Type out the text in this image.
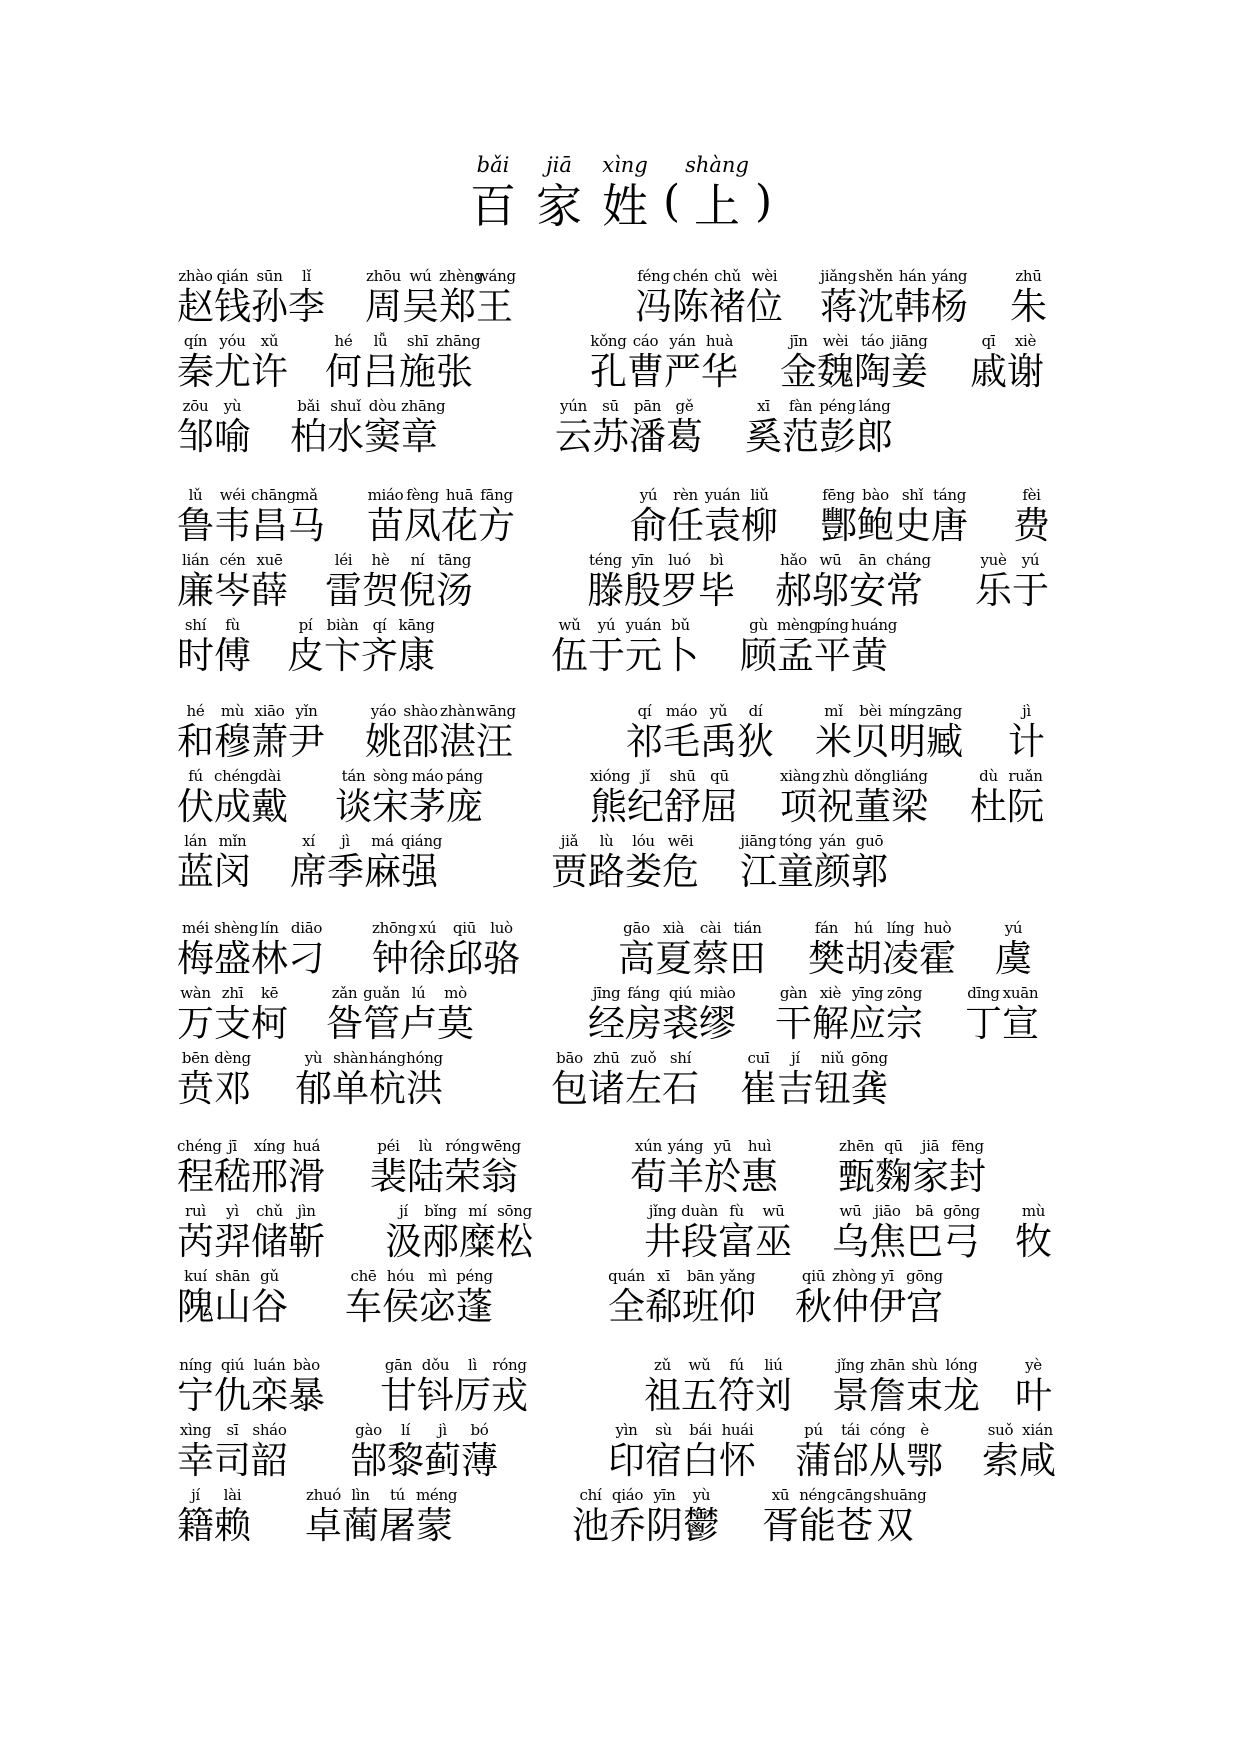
bǎi
百
jiā
家
xìng
姓
shàng
上
( )
zhào
赵
qián
钱
sūn
孙
lǐ
李
zhōu
周
wú
吴
zhèng
郑
wáng
王
féng
冯
chén
陈
chǔ
褚
wèi
位
jiǎng
蒋
shěn
沈
hán
韩
yáng
杨
zhū
朱
qín
秦
yóu
尤
xǔ
许
hé
何
lǚ
吕
shī
施
zhāng
张
kǒng
孔
cáo
曹
yán
严
huà
华
jīn
金
wèi
魏
táo
陶
jiāng
姜
qī
戚
xiè
谢
zōu
邹
yù
喻
bǎi
柏
shuǐ
水
dòu
窦
zhāng
章
yún
云
sū
苏
pān
潘
gě
葛
xī
奚
fàn
范
péng
彭
láng
郎
lǔ
鲁
wéi
韦
chāng
昌
mǎ
马
miáo
苗
fèng
凤
huā
花
fāng
方
yú
俞
rèn
任
yuán
袁
liǔ
柳
fēng
酆
bào
鲍
shǐ
史
táng
唐
fèi
费
lián
廉
cén
岑
xuē
薛
léi
雷
hè
贺
ní
倪
tāng
汤
téng
滕
yīn
殷
luó
罗
bì
毕
hǎo
郝
wū
邬
ān
安
cháng
常
yuè
乐
yú
于
shí
时
fù
傅
pí
皮
biàn
卞
qí
齐
kāng
康
wǔ
伍
yú
于
yuán
元
bǔ
卜
gù
顾
mèng
孟
píng
平
huáng
黄
hé
和
mù
穆
xiāo
萧
yǐn
尹
yáo
姚
shào
邵
zhàn
湛
wāng
汪
qí
祁
máo
毛
yǔ
禹
dí
狄
mǐ
米
bèi
贝
míng
明
zāng
臧
jì
计
fú
伏
chéng
成
dài
戴
tán
谈
sòng
宋
máo
茅
páng
庞
xióng
熊
jǐ
纪
shū
舒
qū
屈
xiàng
项
zhù
祝
dǒng
董
liáng
梁
dù
杜
ruǎn
阮
lán
蓝
mǐn
闵
xí
席
jì
季
má
麻
qiáng
强
jiǎ
贾
lù
路
lóu
娄
wēi
危
jiāng
江
tóng
童
yán
颜
guō
郭
méi
梅
shèng
盛
lín
林
diāo
刁
zhōng
钟
xú
徐
qiū
邱
luò
骆
gāo
高
xià
夏
cài
蔡
tián
田
fán
樊
hú
胡
líng
凌
huò
霍
yú
虞
wàn
万
zhī
支
kē
柯
zǎn
昝
guǎn
管
lú
卢
mò
莫
jīng
经
fáng
房
qiú
裘
miào
缪
gàn
干
xiè
解
yīng
应
zōng
宗
dīng
丁
xuān
宣
bēn
贲
dèng
邓
yù
郁
shàn
单
háng
杭
hóng
洪
bāo
包
zhū
诸
zuǒ
左
shí
石
cuī
崔
jí
吉
niǔ
钮
gōng
龚
chéng
程
jī
嵇
xíng
邢
huá
滑
péi
裴
lù
陆
róng
荣
wēng
翁
xún
荀
yáng
羊
yū
於
huì
惠
zhēn
甄
qū
麴
jiā
家
fēng
封
ruì
芮
yì
羿
chǔ
储
jìn
靳
jí
汲
bǐng
邴
mí
糜
sōng
松
jǐng
井
duàn
段
fù
富
wū
巫
wū
乌
jiāo
焦
bā
巴
gōng
弓
mù
牧
kuí
隗
shān
山
gǔ
谷
chē
车
hóu
侯
mì
宓
péng
蓬
quán
全
xī
郗
bān
班
yǎng
仰
qiū
秋
zhòng
仲
yī
伊
gōng
宫
níng
宁
qiú
仇
luán
栾
bào
暴
gān
甘
dǒu
钭
lì
厉
róng
戎
zǔ
祖
wǔ
五
fú
符
liú
刘
jǐng
景
zhān
詹
shù
束
lóng
龙
yè
叶
xìng
幸
sī
司
sháo
韶
gào
郜
lí
黎
jì
蓟
bó
薄
yìn
印
sù
宿
bái
白
huái
怀
pú
蒲
tái
邰
cóng
从
è
鄂
suǒ
索
xián
咸
jí
籍
lài
赖
zhuó
卓
lìn
蔺
tú
屠
méng
蒙
chí
池
qiáo
乔
yīn
阴
yù
鬱
xū
胥
néng
能
cāng
苍
shuāng
双
